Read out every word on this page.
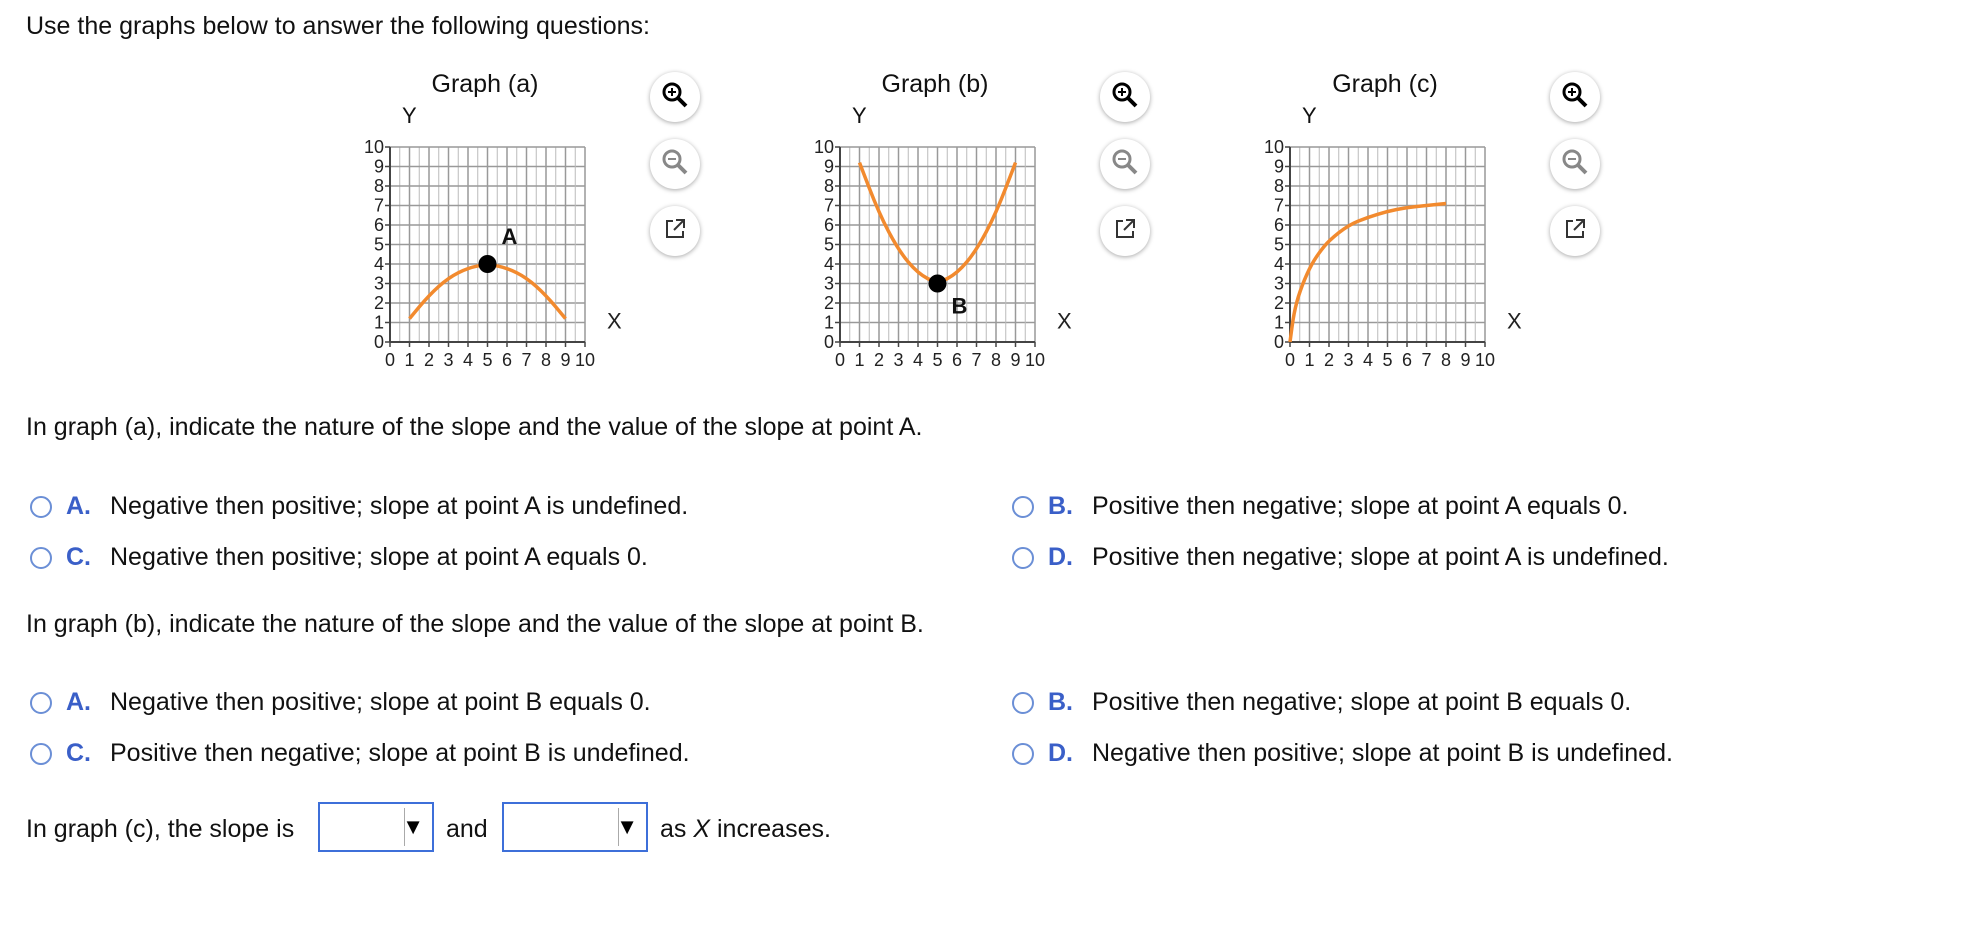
Use the graphs below to answer the following questions:
Graph (a)
Y
10
9
8
7
6
5
4
3
2
1
0
0 1 2 3 4 5 6 7 8 9 10
X
A
Graph (b)
Y
10
9
8
7
6
5
4
3
2
1
0
0 1 2 3 4 5 6 7 8 9 10
X
B
Graph (c)
Y
10
9
8
7
6
5
4
3
2
1
0
0 1 2 3 4 5 6 7 8 9 10
X
In graph (a), indicate the nature of the slope and the value of the slope at point A.
A. Negative then positive; slope at point A is undefined.	B. Positive then negative; slope at point A equals 0.
C. Negative then positive; slope at point A equals 0.	D. Positive then negative; slope at point A is undefined.
In graph (b), indicate the nature of the slope and the value of the slope at point B.
A. Negative then positive; slope at point B equals 0.	B. Positive then negative; slope at point B equals 0.
C. Positive then negative; slope at point B is undefined.	D. Negative then positive; slope at point B is undefined.
In graph (c), the slope is	▼ and	▼ as X increases.
